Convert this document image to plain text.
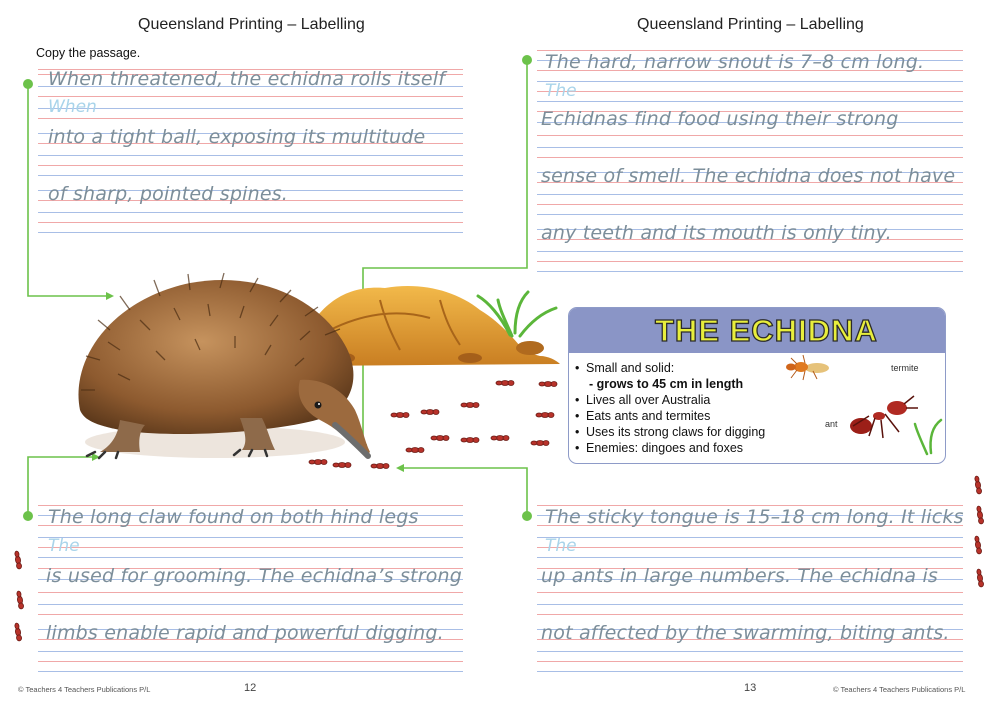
Queensland Printing – Labelling	Queensland Printing – Labelling
Copy the passage.
When threatened, the echidna rolls itself
When
into a tight ball, exposing its multitude
of sharp, pointed spines.
The hard, narrow snout is 7–8 cm long.
The
Echidnas find food using their strong
sense of smell. The echidna does not have
any teeth and its mouth is only tiny.
The long claw found on both hind legs
The
is used for grooming. The echidna’s strong
limbs enable rapid and powerful digging.
The sticky tongue is 15–18 cm long. It licks
The
up ants in large numbers. The echidna is
not affected by the swarming, biting ants.
THE ECHIDNA
• Small and solid:
- grows to 45 cm in length
• Lives all over Australia
• Eats ants and termites
• Uses its strong claws for digging
• Enemies: dingoes and foxes
termite
ant
© Teachers 4 Teachers Publications P/L	12	13	© Teachers 4 Teachers Publications P/L
